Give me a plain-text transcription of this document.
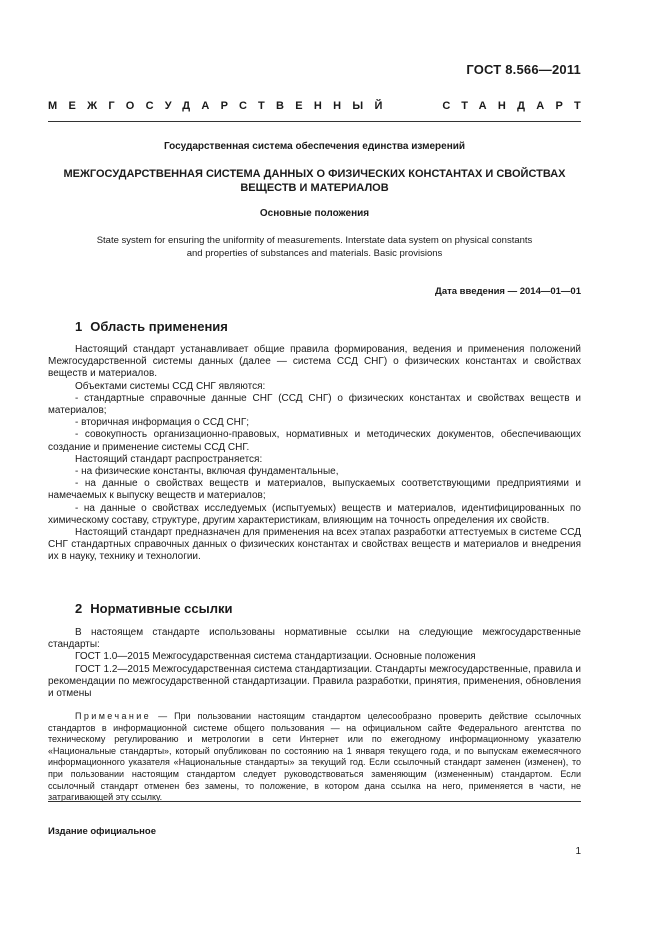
ГОСТ 8.566—2011
МЕЖГОСУДАРСТВЕННЫЙ	СТАНДАРТ
Государственная система обеспечения единства измерений
МЕЖГОСУДАРСТВЕННАЯ СИСТЕМА ДАННЫХ О ФИЗИЧЕСКИХ КОНСТАНТАХ И СВОЙСТВАХ
ВЕЩЕСТВ И МАТЕРИАЛОВ
Основные положения
State system for ensuring the uniformity of measurements. Interstate data system on physical constants
and properties of substances and materials. Basic provisions
Дата введения — 2014—01—01
1 Область применения

Настоящий стандарт устанавливает общие правила формирования, ведения и применения положений Межгосударственной системы данных (далее — система ССД СНГ) о физических константах и свойствах веществ и материалов.

Объектами системы ССД СНГ являются:

- стандартные справочные данные СНГ (ССД СНГ) о физических константах и свойствах веществ и материалов;

- вторичная информация о ССД СНГ;

- совокупность организационно-правовых, нормативных и методических документов, обеспечивающих создание и применение системы ССД СНГ.

Настоящий стандарт распространяется:

- на физические константы, включая фундаментальные,

- на данные о свойствах веществ и материалов, выпускаемых соответствующими предприятиями и намечаемых к выпуску веществ и материалов;

- на данные о свойствах исследуемых (испытуемых) веществ и материалов, идентифицированных по химическому составу, структуре, другим характеристикам, влияющим на точность определения их свойств.

Настоящий стандарт предназначен для применения на всех этапах разработки аттестуемых в системе ССД СНГ стандартных справочных данных о физических константах и свойствах веществ и материалов и внедрения их в науку, технику и технологии.

2 Нормативные ссылки

В настоящем стандарте использованы нормативные ссылки на следующие межгосударственные стандарты:

ГОСТ 1.0—2015 Межгосударственная система стандартизации. Основные положения

ГОСТ 1.2—2015 Межгосударственная система стандартизации. Стандарты межгосударственные, правила и рекомендации по межгосударственной стандартизации. Правила разработки, принятия, применения, обновления и отмены

Примечание — При пользовании настоящим стандартом целесообразно проверить действие ссылочных стандартов в информационной системе общего пользования — на официальном сайте Федерального агентства по техническому регулированию и метрологии в сети Интернет или по ежегодному информационному указателю «Национальные стандарты», который опубликован по состоянию на 1 января текущего года, и по выпускам ежемесячного информационного указателя «Национальные стандарты» за текущий год. Если ссылочный стандарт заменен (изменен), то при пользовании настоящим стандартом следует руководствоваться заменяющим (измененным) стандартом. Если ссылочный стандарт отменен без замены, то положение, в котором дана ссылка на него, применяется в части, не затрагивающей эту ссылку.
Издание официальное
1
